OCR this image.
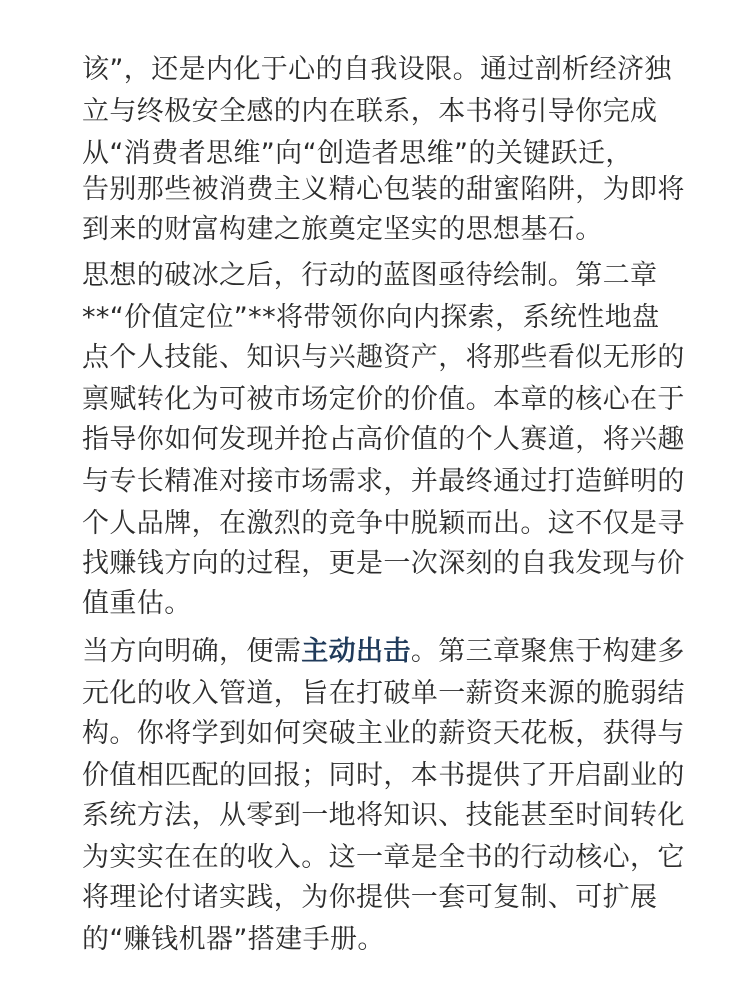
该”，还是内化于心的自我设限。通过剖析经济独
立与终极安全感的内在联系，本书将引导你完成
从“消费者思维”向“创造者思维”的关键跃迁，
告别那些被消费主义精心包装的甜蜜陷阱，为即将
到来的财富构建之旅奠定坚实的思想基石。
思想的破冰之后，行动的蓝图亟待绘制。第二章
**“价值定位”**将带领你向内探索，系统性地盘
点个人技能、知识与兴趣资产，将那些看似无形的
禀赋转化为可被市场定价的价值。本章的核心在于
指导你如何发现并抢占高价值的个人赛道，将兴趣
与专长精准对接市场需求，并最终通过打造鲜明的
个人品牌，在激烈的竞争中脱颖而出。这不仅是寻
找赚钱方向的过程，更是一次深刻的自我发现与价
值重估。
当方向明确，便需主动出击。第三章聚焦于构建多
元化的收入管道，旨在打破单一薪资来源的脆弱结
构。你将学到如何突破主业的薪资天花板，获得与
价值相匹配的回报；同时，本书提供了开启副业的
系统方法，从零到一地将知识、技能甚至时间转化
为实实在在的收入。这一章是全书的行动核心，它
将理论付诸实践，为你提供一套可复制、可扩展
的“赚钱机器”搭建手册。
